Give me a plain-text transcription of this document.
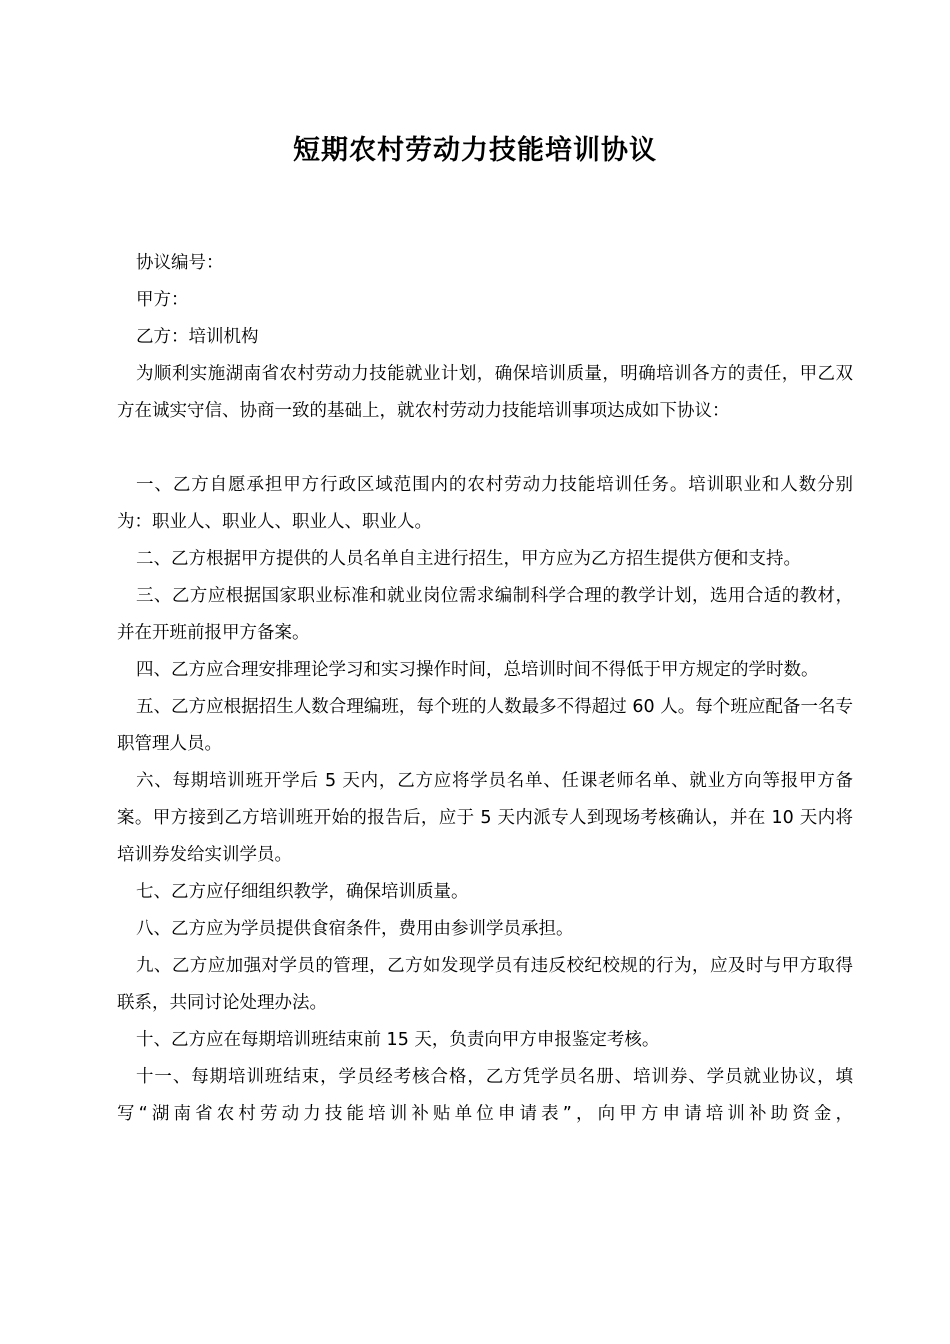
短期农村劳动力技能培训协议

协议编号：

甲方：

乙方：培训机构

为顺利实施湖南省农村劳动力技能就业计划，确保培训质量，明确培训各方的责任，甲乙双方在诚实守信、协商一致的基础上，就农村劳动力技能培训事项达成如下协议：

一、乙方自愿承担甲方行政区域范围内的农村劳动力技能培训任务。培训职业和人数分别为：职业人、职业人、职业人、职业人。

二、乙方根据甲方提供的人员名单自主进行招生，甲方应为乙方招生提供方便和支持。

三、乙方应根据国家职业标准和就业岗位需求编制科学合理的教学计划，选用合适的教材，并在开班前报甲方备案。

四、乙方应合理安排理论学习和实习操作时间，总培训时间不得低于甲方规定的学时数。

五、乙方应根据招生人数合理编班，每个班的人数最多不得超过 60 人。每个班应配备一名专职管理人员。

六、每期培训班开学后 5 天内，乙方应将学员名单、任课老师名单、就业方向等报甲方备案。甲方接到乙方培训班开始的报告后，应于 5 天内派专人到现场考核确认，并在 10 天内将培训券发给实训学员。

七、乙方应仔细组织教学，确保培训质量。

八、乙方应为学员提供食宿条件，费用由参训学员承担。

九、乙方应加强对学员的管理，乙方如发现学员有违反校纪校规的行为，应及时与甲方取得联系，共同讨论处理办法。

十、乙方应在每期培训班结束前 15 天，负责向甲方申报鉴定考核。

十一、每期培训班结束，学员经考核合格，乙方凭学员名册、培训券、学员就业协议，填写“湖南省农村劳动力技能培训补贴单位申请表”，向甲方申请培训补助资金，
